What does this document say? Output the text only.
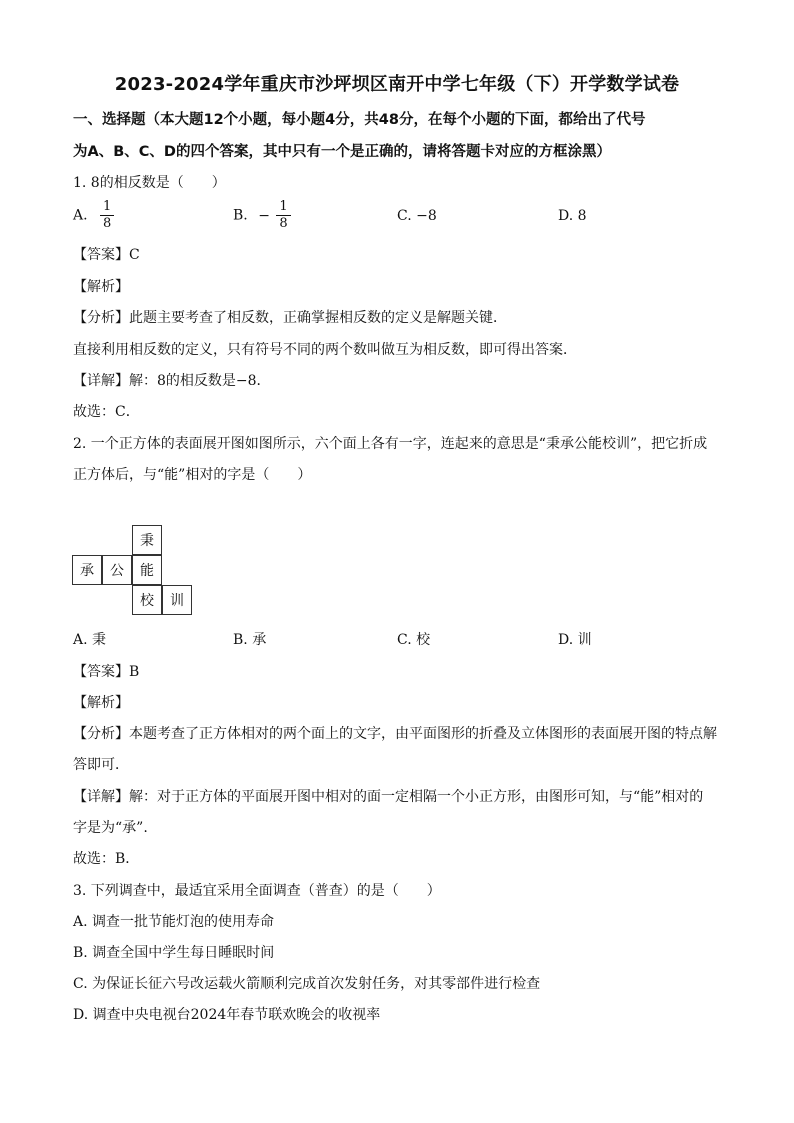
2023-2024学年重庆市沙坪坝区南开中学七年级（下）开学数学试卷
一、选择题（本大题12个小题，每小题4分，共48分，在每个小题的下面，都给出了代号
为A、B、C、D的四个答案，其中只有一个是正确的，请将答题卡对应的方框涂黑）
1. 8的相反数是（　　）
A. $\frac{1}{8}$	B. − $\frac{1}{8}$	C. −8	D. 8
【答案】C
【解析】
【分析】此题主要考查了相反数，正确掌握相反数的定义是解题关键．
直接利用相反数的定义，只有符号不同的两个数叫做互为相反数，即可得出答案．
【详解】解：8的相反数是−8．
故选：C．
2. 一个正方体的表面展开图如图所示，六个面上各有一字，连起来的意思是“秉承公能校训”，把它折成
正方体后，与“能”相对的字是（　　）
秉
承	公	能
校	训
A. 秉	B. 承	C. 校	D. 训
【答案】B
【解析】
【分析】本题考查了正方体相对的两个面上的文字，由平面图形的折叠及立体图形的表面展开图的特点解
答即可．
【详解】解：对于正方体的平面展开图中相对的面一定相隔一个小正方形，由图形可知，与“能”相对的
字是为“承”.
故选：B．
3. 下列调查中，最适宜采用全面调查（普查）的是（　　）
A. 调查一批节能灯泡的使用寿命
B. 调查全国中学生每日睡眠时间
C. 为保证长征六号改运载火箭顺利完成首次发射任务，对其零部件进行检查
D. 调查中央电视台2024年春节联欢晚会的收视率
